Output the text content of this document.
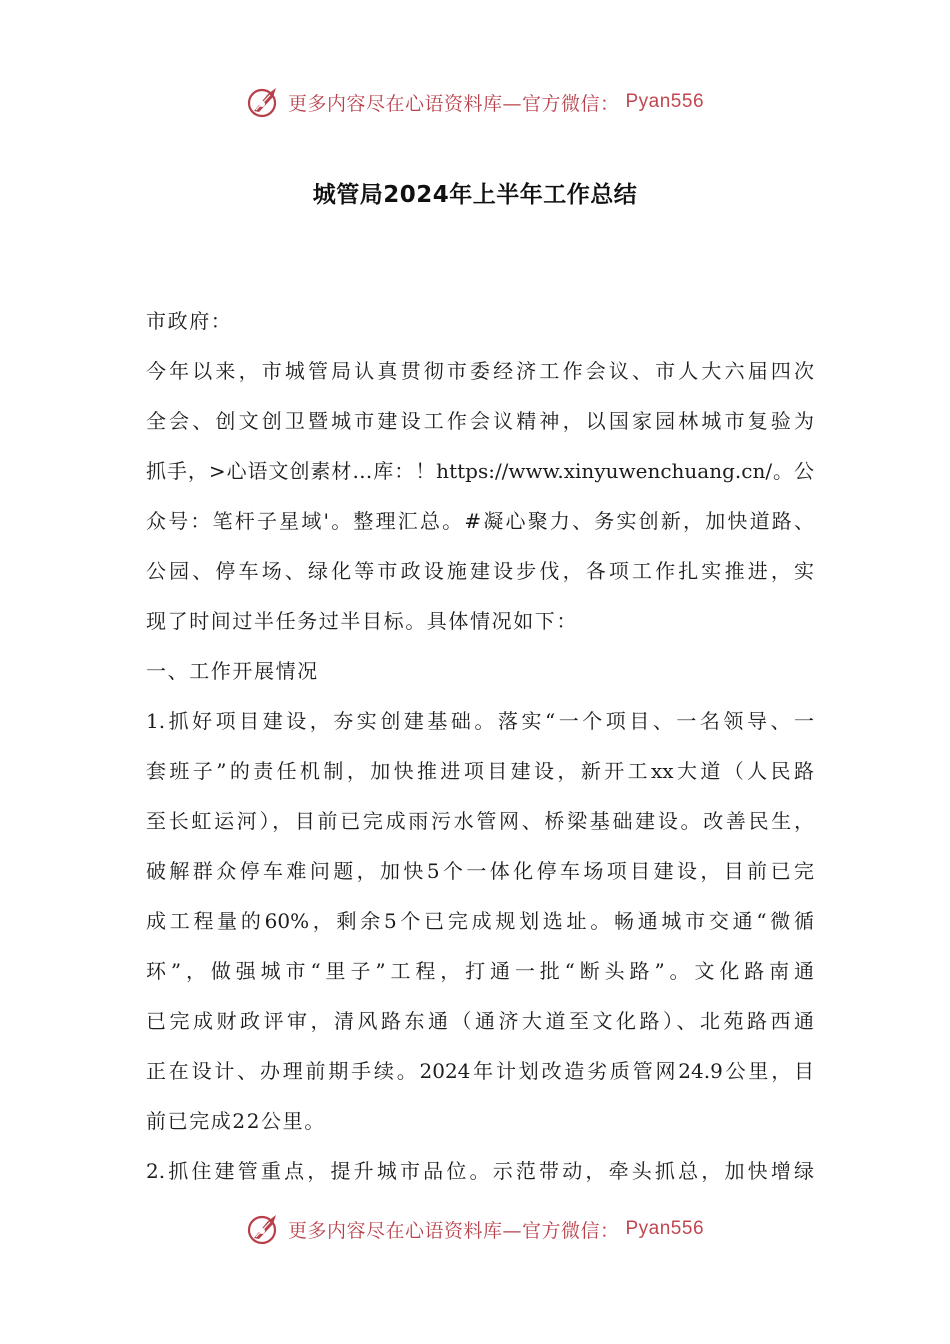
更多内容尽在心语资料库—官方微信： Pyan556
城管局2024年上半年工作总结
市政府：
今年以来，市城管局认真贯彻市委经济工作会议、市人大六届四次
全会、创文创卫暨城市建设工作会议精神，以国家园林城市复验为
抓手，>心语文创素材…库：！https://www.xinyuwenchuang.cn/。公
众号：笔杆子星域'。整理汇总。#凝心聚力、务实创新，加快道路、
公园、停车场、绿化等市政设施建设步伐，各项工作扎实推进，实
现了时间过半任务过半目标。具体情况如下：
一、工作开展情况
1.抓好项目建设，夯实创建基础。落实“一个项目、一名领导、一
套班子”的责任机制，加快推进项目建设，新开工xx大道（人民路
至长虹运河），目前已完成雨污水管网、桥梁基础建设。改善民生，
破解群众停车难问题，加快5个一体化停车场项目建设，目前已完
成工程量的60%，剩余5个已完成规划选址。畅通城市交通“微循
环”，做强城市“里子”工程，打通一批“断头路”。文化路南通
已完成财政评审，清风路东通（通济大道至文化路）、北苑路西通
正在设计、办理前期手续。2024年计划改造劣质管网24.9公里，目
前已完成22公里。
2.抓住建管重点，提升城市品位。示范带动，牵头抓总，加快增绿
更多内容尽在心语资料库—官方微信： Pyan556
